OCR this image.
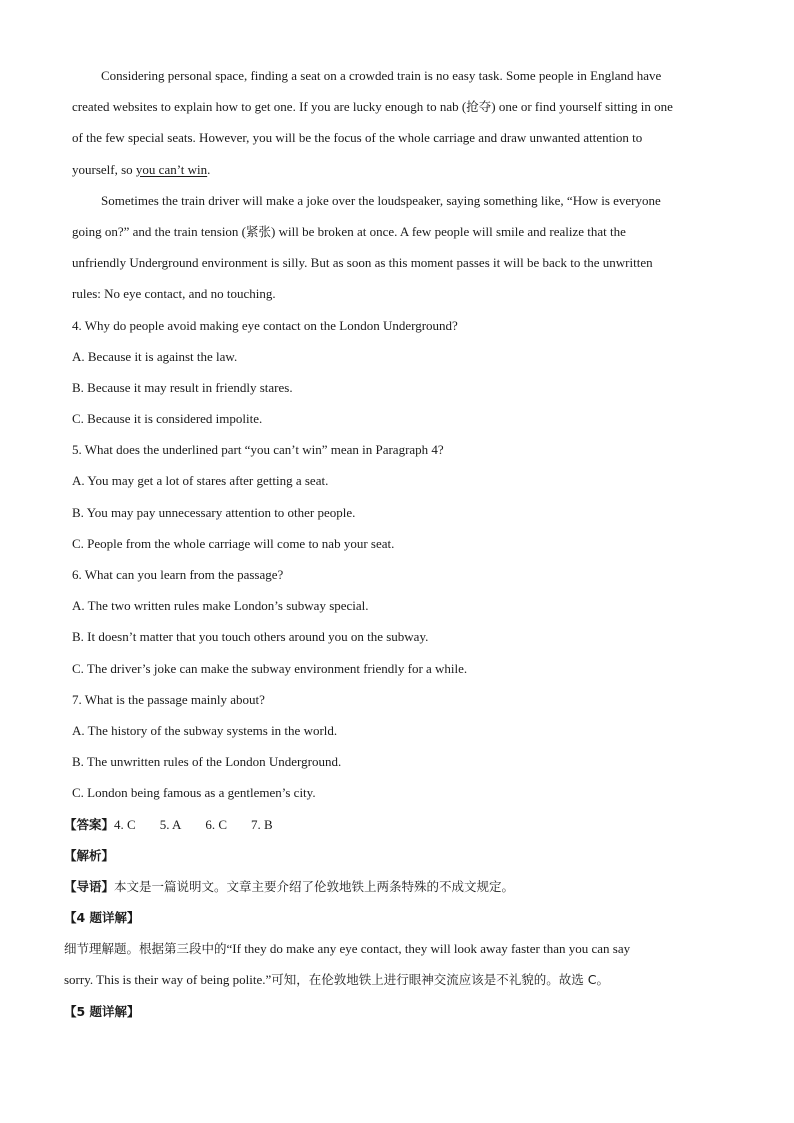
Considering personal space, finding a seat on a crowded train is no easy task. Some people in England have
created websites to explain how to get one. If you are lucky enough to nab (抢夺) one or find yourself sitting in one
of the few special seats. However, you will be the focus of the whole carriage and draw unwanted attention to
yourself, so you can’t win.
Sometimes the train driver will make a joke over the loudspeaker, saying something like, “How is everyone
going on?” and the train tension (紧张) will be broken at once. A few people will smile and realize that the
unfriendly Underground environment is silly. But as soon as this moment passes it will be back to the unwritten
rules: No eye contact, and no touching.
4. Why do people avoid making eye contact on the London Underground?
A. Because it is against the law.
B. Because it may result in friendly stares.
C. Because it is considered impolite.
5. What does the underlined part “you can’t win” mean in Paragraph 4?
A. You may get a lot of stares after getting a seat.
B. You may pay unnecessary attention to other people.
C. People from the whole carriage will come to nab your seat.
6. What can you learn from the passage?
A. The two written rules make London’s subway special.
B. It doesn’t matter that you touch others around you on the subway.
C. The driver’s joke can make the subway environment friendly for a while.
7. What is the passage mainly about?
A. The history of the subway systems in the world.
B. The unwritten rules of the London Underground.
C. London being famous as a gentlemen’s city.
【答案】4. C 5. A 6. C 7. B
【解析】
【导语】本文是一篇说明文。文章主要介绍了伦敦地铁上两条特殊的不成文规定。
【4 题详解】
细节理解题。根据第三段中的“If they do make any eye contact, they will look away faster than you can say
sorry. This is their way of being polite.”可知，在伦敦地铁上进行眼神交流应该是不礼貌的。故选 C。
【5 题详解】
